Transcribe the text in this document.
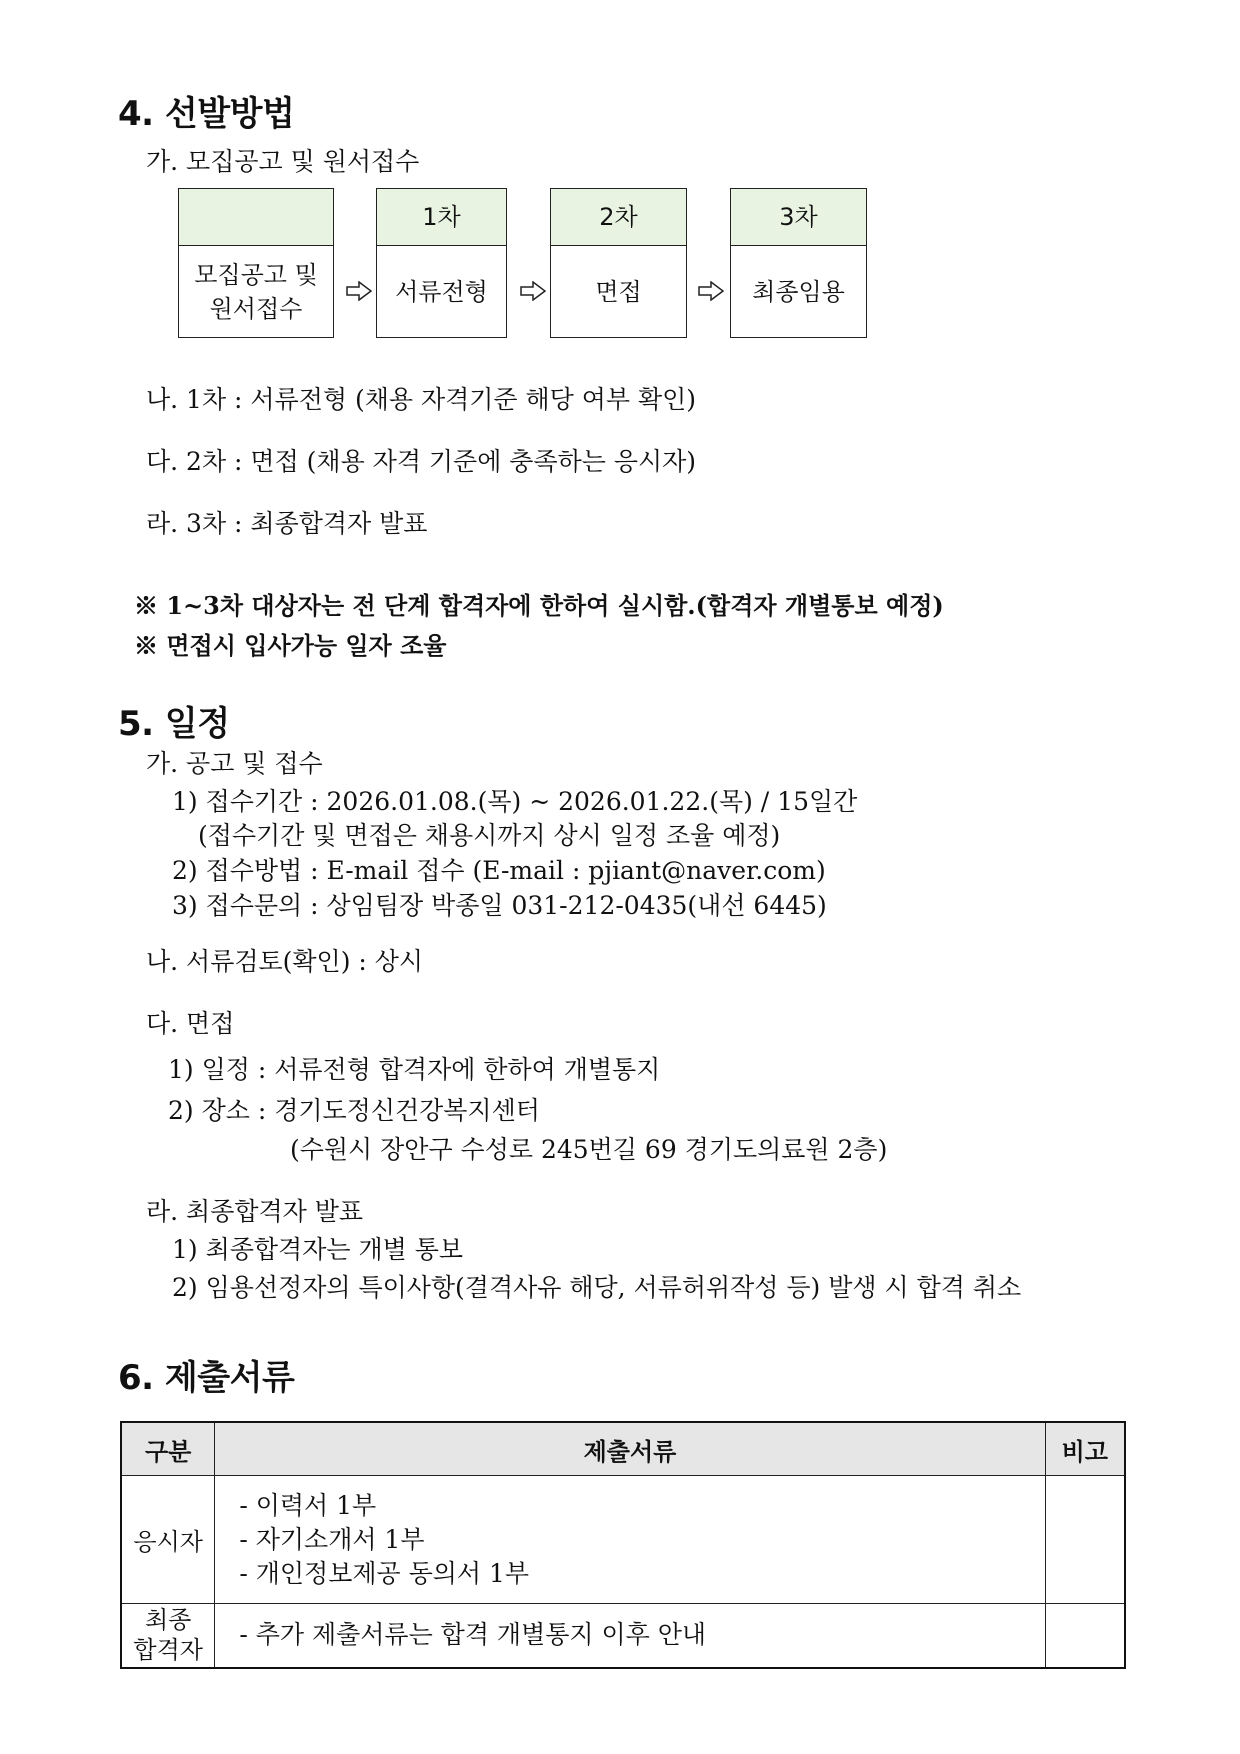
4. 선발방법
가. 모집공고 및 원서접수
모집공고 및
원서접수
1차
서류전형
2차
면접
3차
최종임용
나. 1차 : 서류전형 (채용 자격기준 해당 여부 확인)
다. 2차 : 면접 (채용 자격 기준에 충족하는 응시자)
라. 3차 : 최종합격자 발표
※ 1~3차 대상자는 전 단계 합격자에 한하여 실시함.(합격자 개별통보 예정)
※ 면접시 입사가능 일자 조율
5. 일정
가. 공고 및 접수
1) 접수기간 : 2026.01.08.(목) ~ 2026.01.22.(목) / 15일간
(접수기간 및 면접은 채용시까지 상시 일정 조율 예정)
2) 접수방법 : E-mail 접수 (E-mail : pjiant@naver.com)
3) 접수문의 : 상임팀장 박종일 031-212-0435(내선 6445)
나. 서류검토(확인) : 상시
다. 면접
1) 일정 : 서류전형 합격자에 한하여 개별통지
2) 장소 : 경기도정신건강복지센터
(수원시 장안구 수성로 245번길 69 경기도의료원 2층)
라. 최종합격자 발표
1) 최종합격자는 개별 통보
2) 임용선정자의 특이사항(결격사유 해당, 서류허위작성 등) 발생 시 합격 취소
6. 제출서류
구분	제출서류	비고
응시자	- 이력서 1부
- 자기소개서 1부
- 개인정보제공 동의서 1부	

최종
합격자	- 추가 제출서류는 합격 개별통지 이후 안내	
